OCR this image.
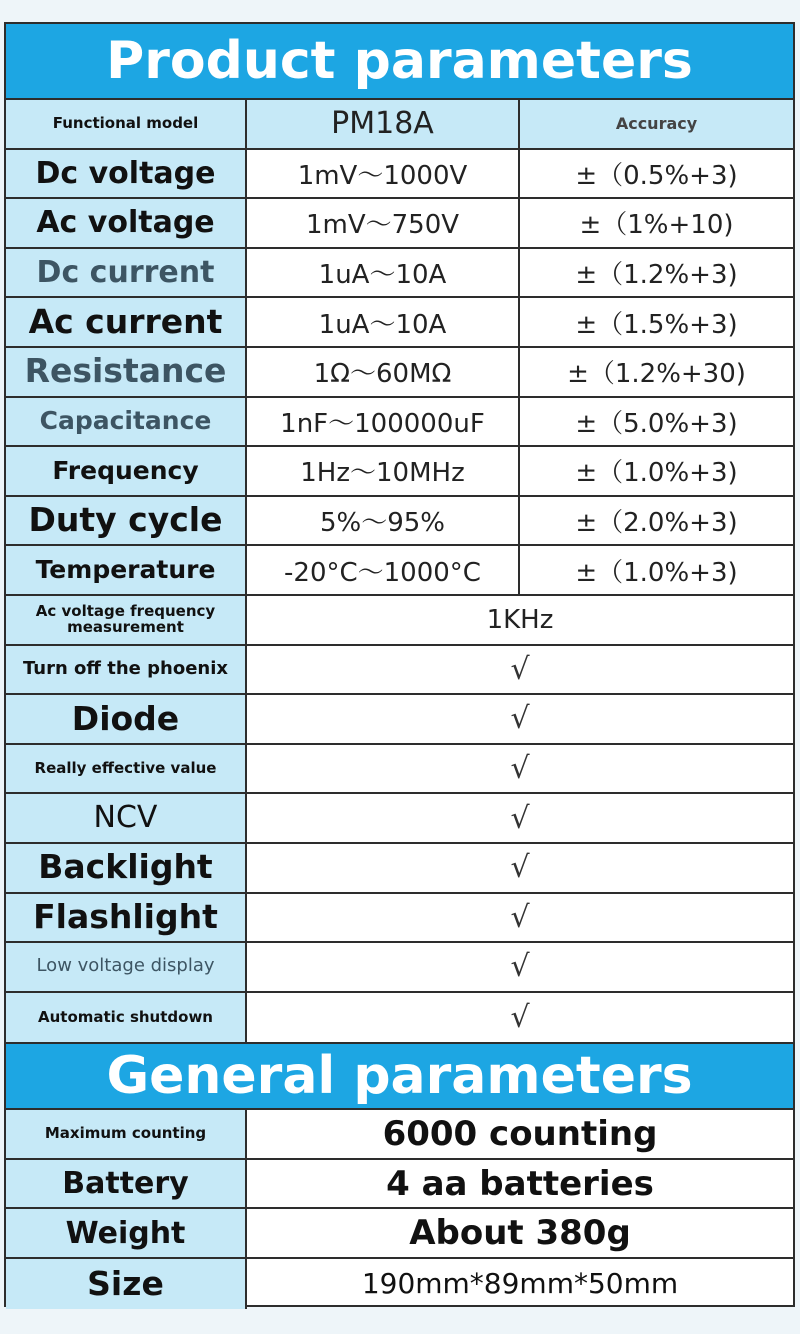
Product parameters
Functional model	PM18A	Accuracy
Dc voltage	1mV～1000V	±（0.5%+3)
Ac voltage	1mV～750V	±（1%+10)
Dc current	1uA～10A	±（1.2%+3)
Ac current	1uA～10A	±（1.5%+3)
Resistance	1Ω～60MΩ	±（1.2%+30)
Capacitance	1nF～100000uF	±（5.0%+3)
Frequency	1Hz～10MHz	±（1.0%+3)
Duty cycle	5%～95%	±（2.0%+3)
Temperature	-20°C～1000°C	±（1.0%+3)
Ac voltage frequency measurement	1KHz
Turn off the phoenix	√
Diode	√
Really effective value	√
NCV	√
Backlight	√
Flashlight	√
Low voltage display	√
Automatic shutdown	√
General parameters
Maximum counting	6000 counting
Battery	4 aa batteries
Weight	About 380g
Size	190mm*89mm*50mm
